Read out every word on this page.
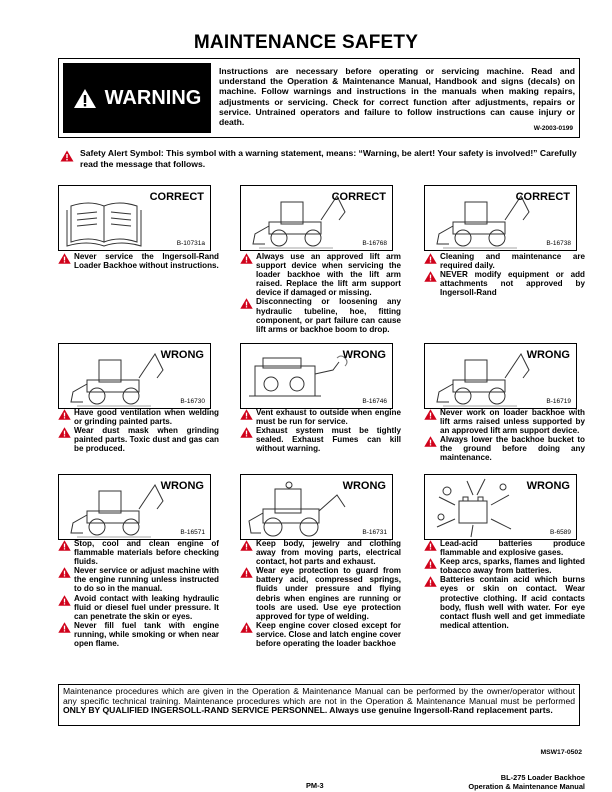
MAINTENANCE SAFETY
WARNING
Instructions are necessary before operating or servicing machine. Read and understand the Operation & Maintenance Manual, Handbook and signs (decals) on machine. Follow warnings and instructions in the manuals when making repairs, adjustments or servicing. Check for correct function after adjustments, repairs or service. Untrained operators and failure to follow instructions can cause injury or death.
W-2003-0199
Safety Alert Symbol: This symbol with a warning statement, means: “Warning, be alert! Your safety is involved!” Carefully read the message that follows.
CORRECT
B-10731a
Never service the Ingersoll-Rand Loader Backhoe without instructions.
CORRECT
B-16768
Always use an approved lift arm support device when servicing the loader backhoe with the lift arm raised. Replace the lift arm support device if damaged or missing.
Disconnecting or loosening any hydraulic tubeline, hoe, fitting component, or part failure can cause lift arms or backhoe boom to drop.
CORRECT
B-16738
Cleaning and maintenance are required daily.
NEVER modify equipment or add attachments not approved by Ingersoll-Rand
WRONG
B-16730
Have good ventilation when welding or grinding painted parts.
Wear dust mask when grinding painted parts. Toxic dust and gas can be produced.
WRONG
B-16746
Vent exhaust to outside when engine must be run for service.
Exhaust system must be tightly sealed. Exhaust Fumes can kill without warning.
WRONG
B-16719
Never work on loader backhoe with lift arms raised unless supported by an approved lift arm support device.
Always lower the backhoe bucket to the ground before doing any maintenance.
WRONG
B-16571
Stop, cool and clean engine of flammable materials before checking fluids.
Never service or adjust machine with the engine running unless instructed to do so in the manual.
Avoid contact with leaking hydraulic fluid or diesel fuel under pressure. It can penetrate the skin or eyes.
Never fill fuel tank with engine running, while smoking or when near open flame.
WRONG
B-16731
Keep body, jewelry and clothing away from moving parts, electrical contact, hot parts and exhaust.
Wear eye protection to guard from battery acid, compressed springs, fluids under pressure and flying debris when engines are running or tools are used. Use eye protection approved for type of welding.
Keep engine cover closed except for service. Close and latch engine cover before operating the loader backhoe
WRONG
B-6589
Lead-acid batteries produce flammable and explosive gases.
Keep arcs, sparks, flames and lighted tobacco away from batteries.
Batteries contain acid which burns eyes or skin on contact. Wear protective clothing. If acid contacts body, flush well with water. For eye contact flush well and get immediate medical attention.
Maintenance procedures which are given in the Operation & Maintenance Manual can be performed by the owner/operator without any specific technical training. Maintenance procedures which are not in the Operation & Maintenance Manual must be performed ONLY BY QUALIFIED INGERSOLL-RAND SERVICE PERSONNEL. Always use genuine Ingersoll-Rand replacement parts.
MSW17-0502
PM-3
BL-275 Loader Backhoe
Operation & Maintenance Manual
